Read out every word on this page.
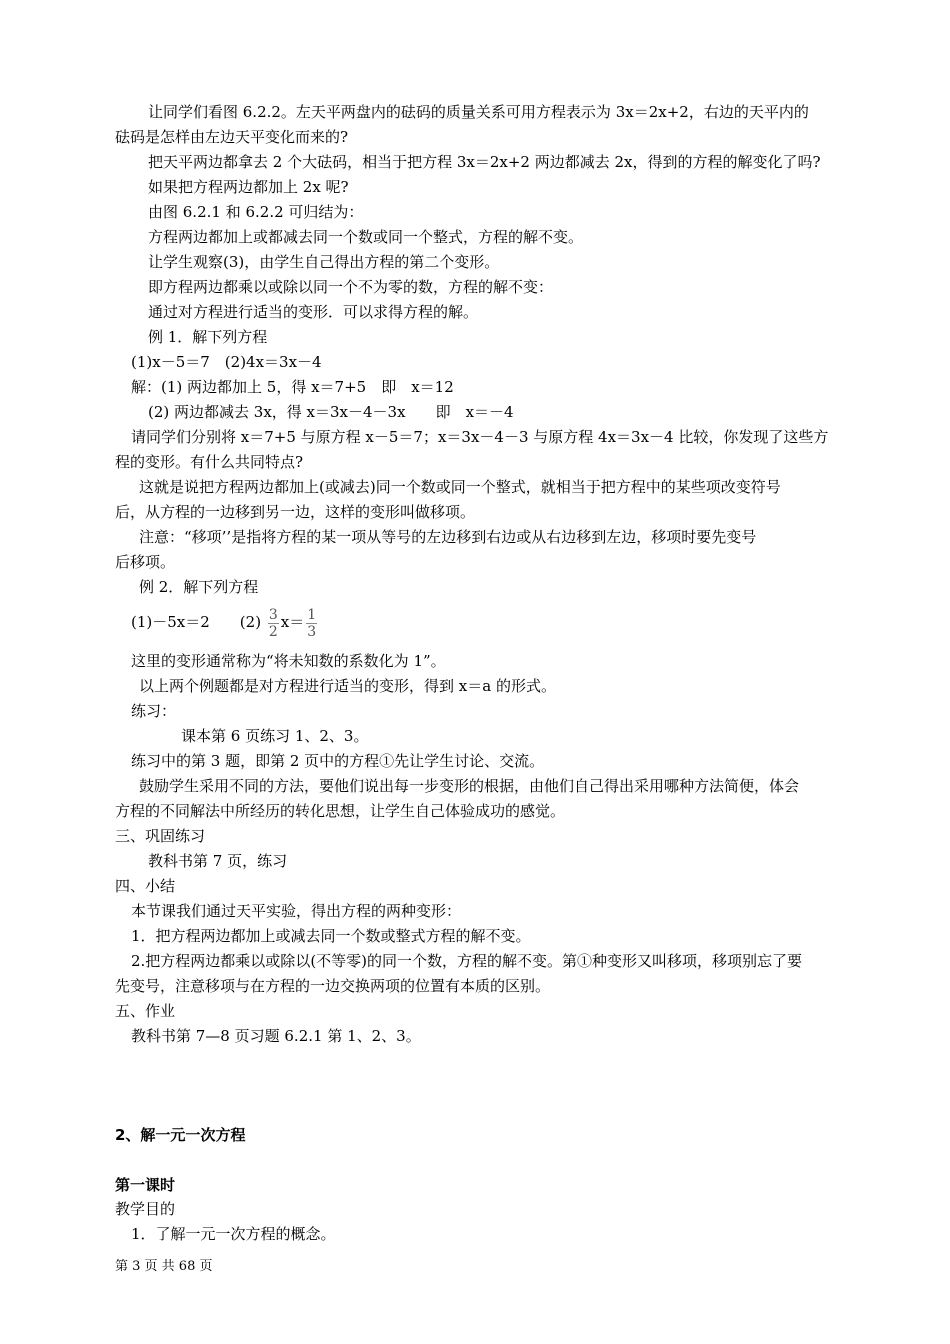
让同学们看图 6.2.2。左天平两盘内的砝码的质量关系可用方程表示为 3x＝2x+2，右边的天平内的
砝码是怎样由左边天平变化而来的?
把天平两边都拿去 2 个大砝码，相当于把方程 3x＝2x+2 两边都减去 2x，得到的方程的解变化了吗?
如果把方程两边都加上 2x 呢?
由图 6.2.1 和 6.2.2 可归结为：
方程两边都加上或都减去同一个数或同一个整式，方程的解不变。
让学生观察(3)，由学生自己得出方程的第二个变形。
即方程两边都乘以或除以同一个不为零的数，方程的解不变：
通过对方程进行适当的变形．可以求得方程的解。
例 1．解下列方程
(1)x－5＝7　(2)4x＝3x－4
解：(1) 两边都加上 5，得 x＝7+5　即　x＝12
(2) 两边都减去 3x，得 x＝3x－4－3x　　即　x＝－4
请同学们分别将 x＝7+5 与原方程 x－5＝7；x＝3x－4－3 与原方程 4x＝3x－4 比较，你发现了这些方
程的变形。有什么共同特点?
这就是说把方程两边都加上(或减去)同一个数或同一个整式，就相当于把方程中的某些项改变符号
后，从方程的一边移到另一边，这样的变形叫做移项。
注意：“移项’’是指将方程的某一项从等号的左边移到右边或从右边移到左边，移项时要先变号
后移项。
例 2．解下列方程
(1)－5x＝2　　$(2) \frac{3}{2} x= \frac{1}{3}$
这里的变形通常称为“将未知数的系数化为 1”。
以上两个例题都是对方程进行适当的变形，得到 x＝a 的形式。
练习：
课本第 6 页练习 1、2、3。
练习中的第 3 题，即第 2 页中的方程①先让学生讨论、交流。
鼓励学生采用不同的方法，要他们说出每一步变形的根据，由他们自己得出采用哪种方法简便，体会
方程的不同解法中所经历的转化思想，让学生自己体验成功的感觉。
三、巩固练习
教科书第 7 页，练习
四、小结
本节课我们通过天平实验，得出方程的两种变形：
1．把方程两边都加上或减去同一个数或整式方程的解不变。
2.把方程两边都乘以或除以(不等零)的同一个数，方程的解不变。第①种变形又叫移项，移项别忘了要
先变号，注意移项与在方程的一边交换两项的位置有本质的区别。
五、作业
教科书第 7—8 页习题 6.2.1 第 1、2、3。
2、解一元一次方程
第一课时
教学目的
1．了解一元一次方程的概念。
第 3 页 共 68 页
